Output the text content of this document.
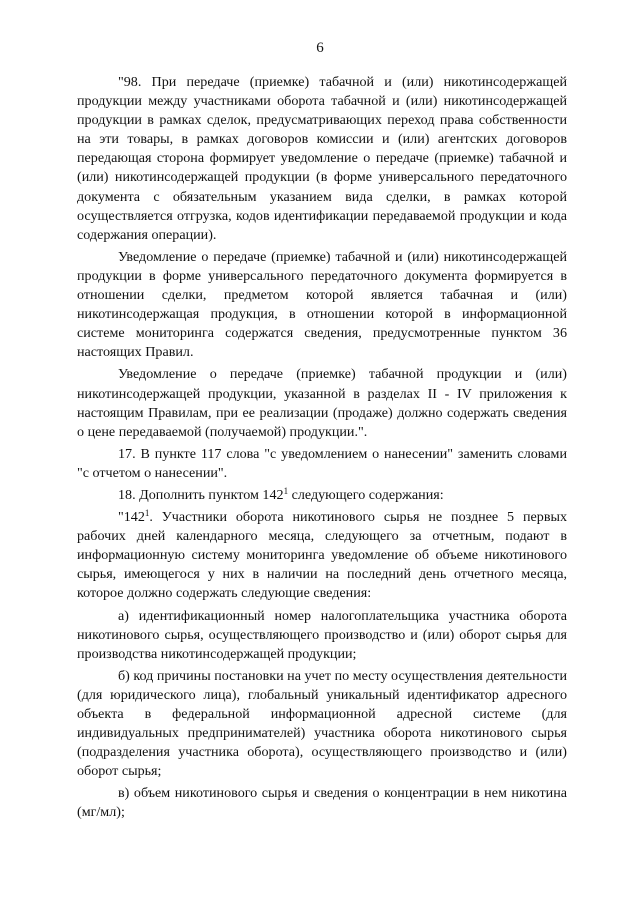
6

"98. При передаче (приемке) табачной и (или) никотинсодержащей продукции между участниками оборота табачной и (или) никотинсодержащей продукции в рамках сделок, предусматривающих переход права собственности на эти товары, в рамках договоров комиссии и (или) агентских договоров передающая сторона формирует уведомление о передаче (приемке) табачной и (или) никотинсодержащей продукции (в форме универсального передаточного документа с обязательным указанием вида сделки, в рамках которой осуществляется отгрузка, кодов идентификации передаваемой продукции и кода содержания операции).

Уведомление о передаче (приемке) табачной и (или) никотинсодержащей продукции в форме универсального передаточного документа формируется в отношении сделки, предметом которой является табачная и (или) никотинсодержащая продукция, в отношении которой в информационной системе мониторинга содержатся сведения, предусмотренные пунктом 36 настоящих Правил.

Уведомление о передаче (приемке) табачной продукции и (или) никотинсодержащей продукции, указанной в разделах II - IV приложения к настоящим Правилам, при ее реализации (продаже) должно содержать сведения о цене передаваемой (получаемой) продукции.".

17. В пункте 117 слова "с уведомлением о нанесении" заменить словами "с отчетом о нанесении".

18. Дополнить пунктом $142^1$ следующего содержания:

"$142^1$. Участники оборота никотинового сырья не позднее 5 первых рабочих дней календарного месяца, следующего за отчетным, подают в информационную систему мониторинга уведомление об объеме никотинового сырья, имеющегося у них в наличии на последний день отчетного месяца, которое должно содержать следующие сведения:

а) идентификационный номер налогоплательщика участника оборота никотинового сырья, осуществляющего производство и (или) оборот сырья для производства никотинсодержащей продукции;

б) код причины постановки на учет по месту осуществления деятельности (для юридического лица), глобальный уникальный идентификатор адресного объекта в федеральной информационной адресной системе (для индивидуальных предпринимателей) участника оборота никотинового сырья (подразделения участника оборота), осуществляющего производство и (или) оборот сырья;

в) объем никотинового сырья и сведения о концентрации в нем никотина (мг/мл);
